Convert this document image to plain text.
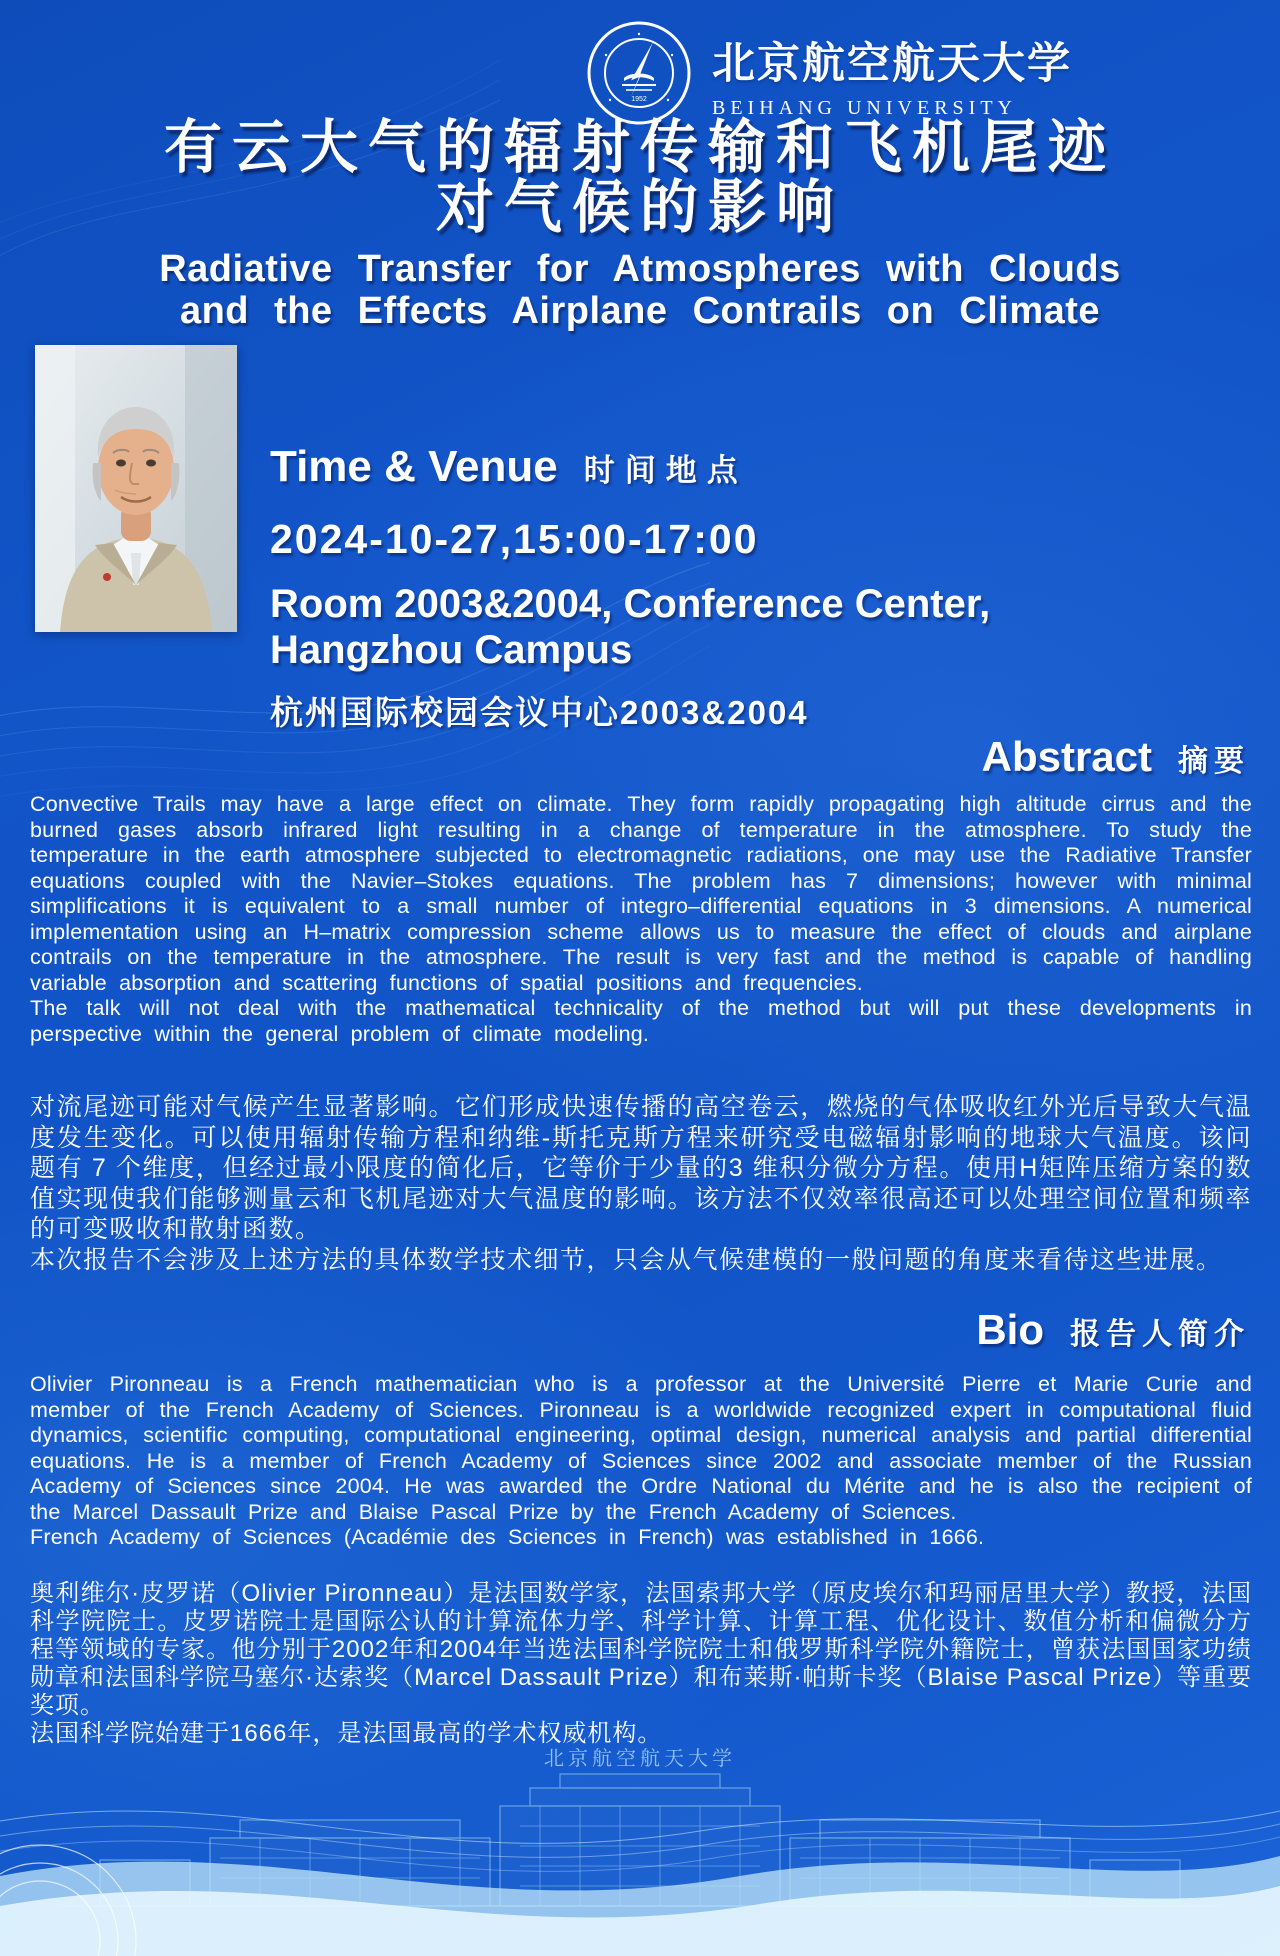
1952
北京航空航天大学
BEIHANG UNIVERSITY
有云大气的辐射传输和飞机尾迹
对气候的影响
Radiative Transfer for Atmospheres with Clouds
and the Effects Airplane Contrails on Climate
Time & Venue 时间地点
2024-10-27,15:00-17:00
Room 2003&2004, Conference Center, Hangzhou Campus
杭州国际校园会议中心2003&2004
Abstract 摘要

Convective Trails may have a large effect on climate. They form rapidly propagating high altitude cirrus and the burned gases absorb infrared light resulting in a change of temperature in the atmosphere. To study the temperature in the earth atmosphere subjected to electromagnetic radiations, one may use the Radiative Transfer equations coupled with the Navier–Stokes equations. The problem has 7 dimensions; however with minimal simplifications it is equivalent to a small number of integro–differential equations in 3 dimensions. A numerical implementation using an H–matrix compression scheme allows us to measure the effect of clouds and airplane contrails on the temperature in the atmosphere. The result is very fast and the method is capable of handling variable absorption and scattering functions of spatial positions and frequencies.

The talk will not deal with the mathematical technicality of the method but will put these developments in perspective within the general problem of climate modeling.

对流尾迹可能对气候产生显著影响。它们形成快速传播的高空卷云，燃烧的气体吸收红外光后导致大气温度发生变化。可以使用辐射传输方程和纳维-斯托克斯方程来研究受电磁辐射影响的地球大气温度。该问题有 7 个维度，但经过最小限度的简化后，它等价于少量的3 维积分微分方程。使用H矩阵压缩方案的数值实现使我们能够测量云和飞机尾迹对大气温度的影响。该方法不仅效率很高还可以处理空间位置和频率的可变吸收和散射函数。

本次报告不会涉及上述方法的具体数学技术细节，只会从气候建模的一般问题的角度来看待这些进展。

Bio 报告人简介

Olivier Pironneau is a French mathematician who is a professor at the Université Pierre et Marie Curie and member of the French Academy of Sciences. Pironneau is a worldwide recognized expert in computational fluid dynamics, scientific computing, computational engineering, optimal design, numerical analysis and partial differential equations. He is a member of French Academy of Sciences since 2002 and associate member of the Russian Academy of Sciences since 2004. He was awarded the Ordre National du Mérite and he is also the recipient of the Marcel Dassault Prize and Blaise Pascal Prize by the French Academy of Sciences.

French Academy of Sciences (Académie des Sciences in French) was established in 1666.

奥利维尔·皮罗诺（Olivier Pironneau）是法国数学家，法国索邦大学（原皮埃尔和玛丽居里大学）教授，法国科学院院士。皮罗诺院士是国际公认的计算流体力学、科学计算、计算工程、优化设计、数值分析和偏微分方程等领域的专家。他分别于2002年和2004年当选法国科学院院士和俄罗斯科学院外籍院士，曾获法国国家功绩勋章和法国科学院马塞尔·达索奖（Marcel Dassault Prize）和布莱斯·帕斯卡奖（Blaise Pascal Prize）等重要奖项。

法国科学院始建于1666年，是法国最高的学术权威机构。

北京航空航天大学
